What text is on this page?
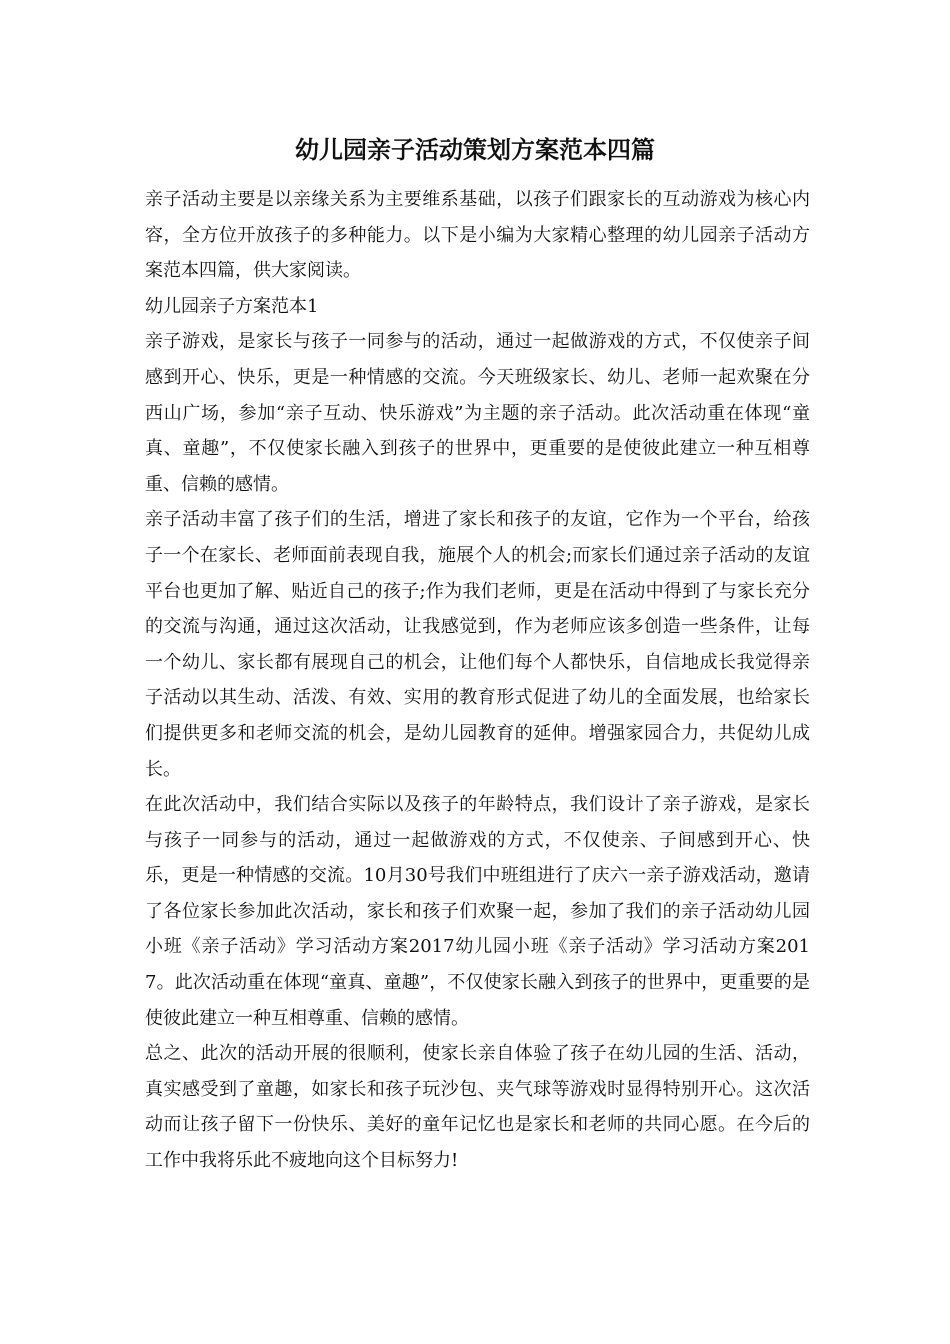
幼儿园亲子活动策划方案范本四篇

亲子活动主要是以亲缘关系为主要维系基础，以孩子们跟家长的互动游戏为核心内容，全方位开放孩子的多种能力。以下是小编为大家精心整理的幼儿园亲子活动方案范本四篇，供大家阅读。

幼儿园亲子方案范本1

亲子游戏，是家长与孩子一同参与的活动，通过一起做游戏的方式，不仅使亲子间感到开心、快乐，更是一种情感的交流。今天班级家长、幼儿、老师一起欢聚在分西山广场，参加“亲子互动、快乐游戏”为主题的亲子活动。此次活动重在体现“童真、童趣”，不仅使家长融入到孩子的世界中，更重要的是使彼此建立一种互相尊重、信赖的感情。

亲子活动丰富了孩子们的生活，增进了家长和孩子的友谊，它作为一个平台，给孩子一个在家长、老师面前表现自我，施展个人的机会;而家长们通过亲子活动的友谊平台也更加了解、贴近自己的孩子;作为我们老师，更是在活动中得到了与家长充分的交流与沟通，通过这次活动，让我感觉到，作为老师应该多创造一些条件，让每一个幼儿、家长都有展现自己的机会，让他们每个人都快乐，自信地成长我觉得亲子活动以其生动、活泼、有效、实用的教育形式促进了幼儿的全面发展，也给家长们提供更多和老师交流的机会，是幼儿园教育的延伸。增强家园合力，共促幼儿成长。

在此次活动中，我们结合实际以及孩子的年龄特点，我们设计了亲子游戏，是家长与孩子一同参与的活动，通过一起做游戏的方式，不仅使亲、子间感到开心、快乐，更是一种情感的交流。10月30号我们中班组进行了庆六一亲子游戏活动，邀请了各位家长参加此次活动，家长和孩子们欢聚一起，参加了我们的亲子活动幼儿园小班《亲子活动》学习活动方案2017幼儿园小班《亲子活动》学习活动方案2017。此次活动重在体现“童真、童趣”，不仅使家长融入到孩子的世界中，更重要的是使彼此建立一种互相尊重、信赖的感情。

总之、此次的活动开展的很顺利，使家长亲自体验了孩子在幼儿园的生活、活动，真实感受到了童趣，如家长和孩子玩沙包、夹气球等游戏时显得特别开心。这次活动而让孩子留下一份快乐、美好的童年记忆也是家长和老师的共同心愿。在今后的工作中我将乐此不疲地向这个目标努力!
